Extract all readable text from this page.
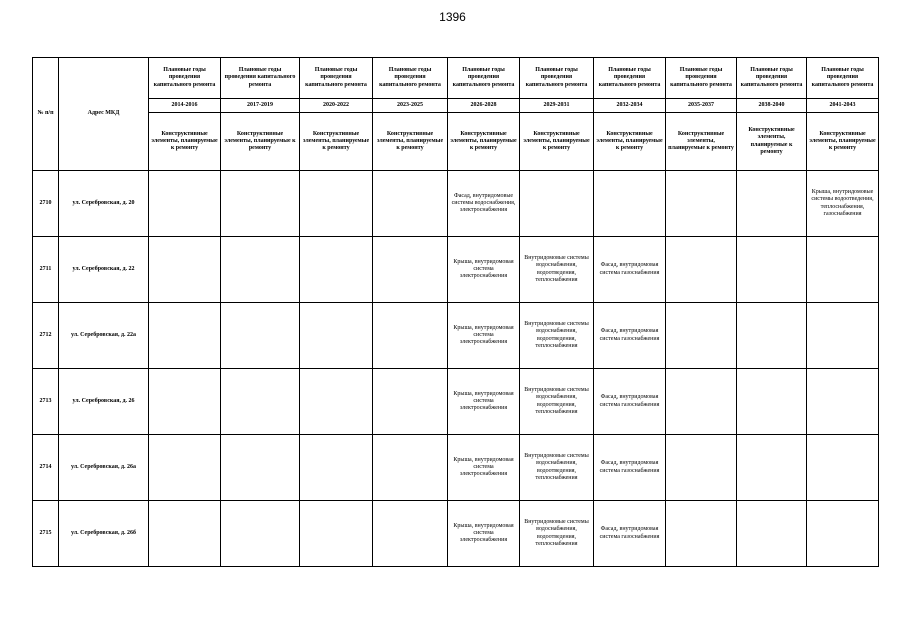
1396
№ п/п	Адрес МКД	Плановые годы проведения капитального ремонта	Плановые годы проведения капитального ремонта	Плановые годы проведения капитального ремонта	Плановые годы проведения капитального ремонта	Плановые годы проведения капитального ремонта	Плановые годы проведения капитального ремонта	Плановые годы проведения капитального ремонта	Плановые годы проведения капитального ремонта	Плановые годы проведения капитального ремонта	Плановые годы проведения капитального ремонта
		2014-2016	2017-2019	2020-2022	2023-2025	2026-2028	2029-2031	2032-2034	2035-2037	2038-2040	2041-2043
		Конструктивные элементы, планируемые к ремонту	Конструктивные элементы, планируемые к ремонту	Конструктивные элементы, планируемые к ремонту	Конструктивные элементы, планируемые к ремонту	Конструктивные элементы, планируемые к ремонту	Конструктивные элементы, планируемые к ремонту	Конструктивные элементы, планируемые к ремонту	Конструктивные элементы, планируемые к ремонту	Конструктивные элементы, планируемые к ремонту	Конструктивные элементы, планируемые к ремонту
2710	ул. Серебровская, д. 20					Фасад, внутридомовые системы водоснабжения, электроснабжения					Крыша, внутридомовые системы водоотведения, теплоснабжения, газоснабжения
2711	ул. Серебровская, д. 22					Крыша, внутридомовая система электроснабжения	Внутридомовые системы водоснабжения, водоотведения, теплоснабжения	Фасад, внутридомовая система газоснабжения			
2712	ул. Серебровская, д. 22а					Крыша, внутридомовая система электроснабжения	Внутридомовые системы водоснабжения, водоотведения, теплоснабжения	Фасад, внутридомовая система газоснабжения			
2713	ул. Серебровская, д. 26					Крыша, внутридомовая система электроснабжения	Внутридомовые системы водоснабжения, водоотведения, теплоснабжения	Фасад, внутридомовая система газоснабжения			
2714	ул. Серебровская, д. 26а					Крыша, внутридомовая система электроснабжения	Внутридомовые системы водоснабжения, водоотведения, теплоснабжения	Фасад, внутридомовая система газоснабжения			
2715	ул. Серебровская, д. 26б					Крыша, внутридомовая система электроснабжения	Внутридомовые системы водоснабжения, водоотведения, теплоснабжения	Фасад, внутридомовая система газоснабжения			
